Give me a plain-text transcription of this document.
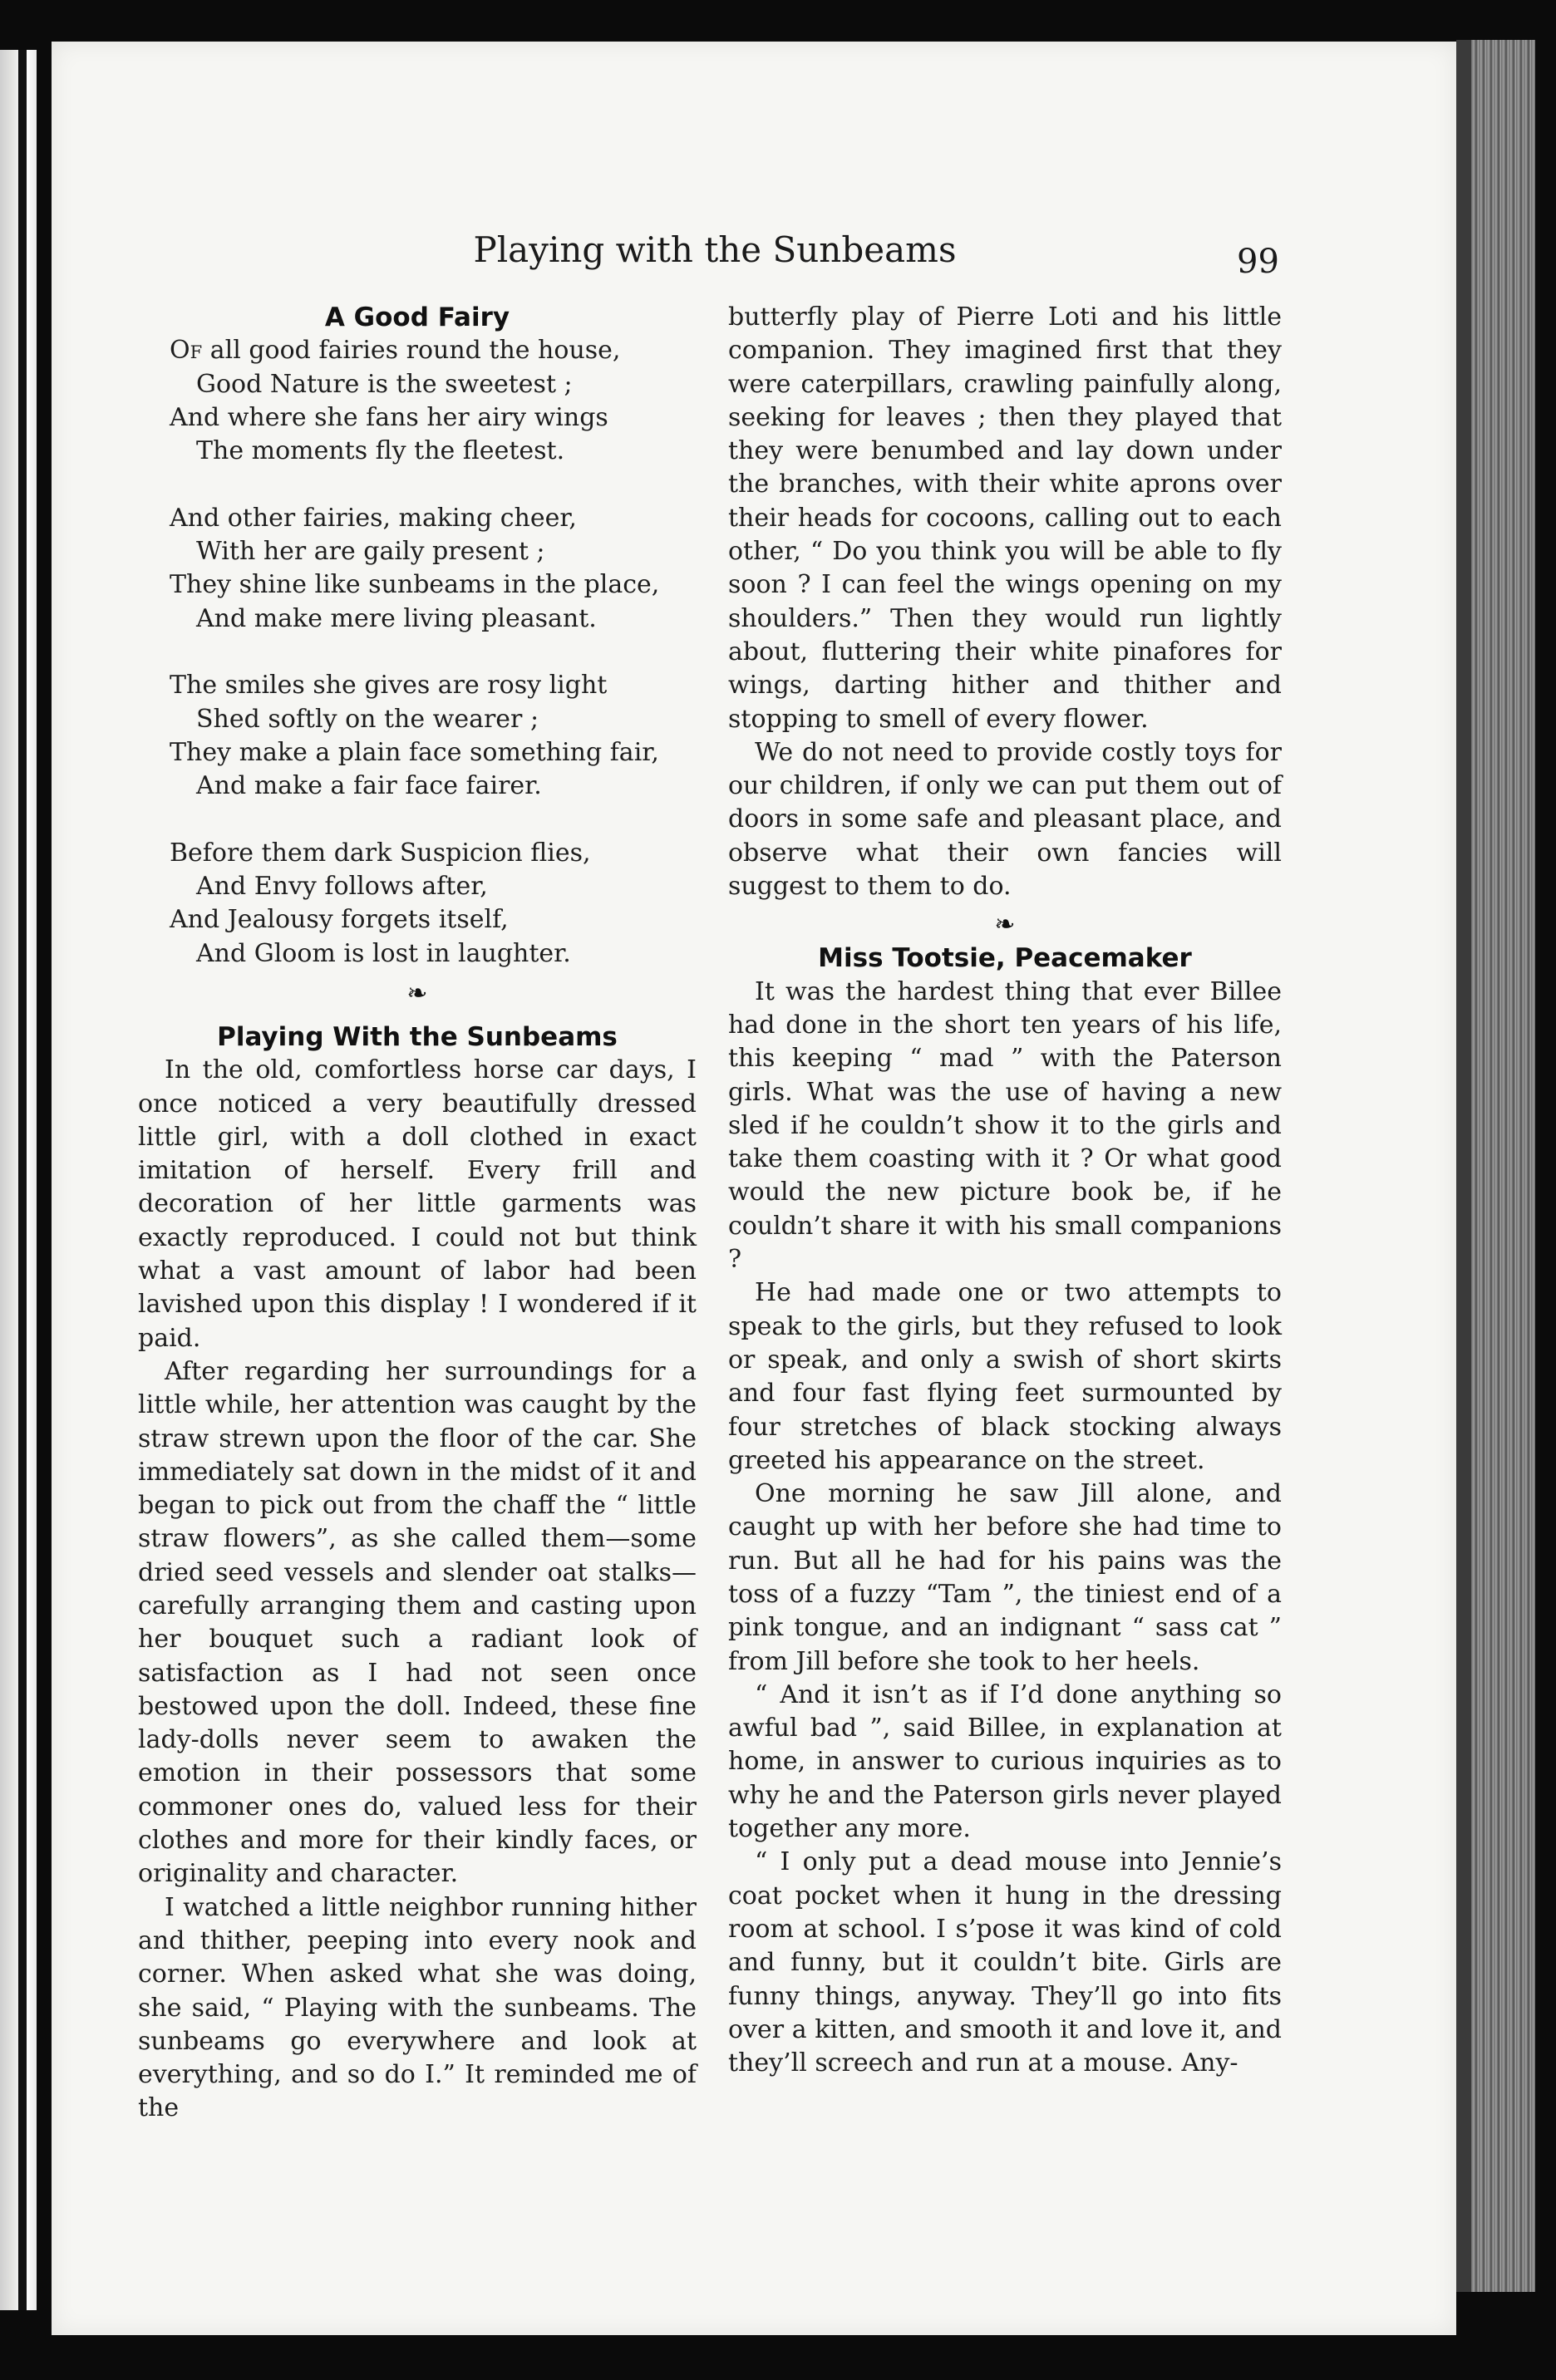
Playing with the Sunbeams	99
A Good Fairy
Of all good fairies round the house,
Good Nature is the sweetest ;
And where she fans her airy wings
The moments fly the fleetest.
And other fairies, making cheer,
With her are gaily present ;
They shine like sunbeams in the place,
And make mere living pleasant.
The smiles she gives are rosy light
Shed softly on the wearer ;
They make a plain face something fair,
And make a fair face fairer.
Before them dark Suspicion flies,
And Envy follows after,
And Jealousy forgets itself,
And Gloom is lost in laughter.
❧
Playing With the Sunbeams

In the old, comfortless horse car days, I once noticed a very beautifully dressed little girl, with a doll clothed in exact imitation of herself. Every frill and decoration of her little garments was exactly reproduced. I could not but think what a vast amount of labor had been lavished upon this display ! I wondered if it paid.

After regarding her surroundings for a little while, her attention was caught by the straw strewn upon the floor of the car. She immediately sat down in the midst of it and began to pick out from the chaff the “ little straw flowers”, as she called them—some dried seed vessels and slender oat stalks—carefully arranging them and casting upon her bouquet such a radiant look of satisfaction as I had not seen once bestowed upon the doll. Indeed, these fine lady-dolls never seem to awaken the emotion in their possessors that some commoner ones do, valued less for their clothes and more for their kindly faces, or originality and character.

I watched a little neighbor running hither and thither, peeping into every nook and corner. When asked what she was doing, she said, “ Playing with the sunbeams. The sunbeams go everywhere and look at everything, and so do I.” It reminded me of the

butterfly play of Pierre Loti and his little companion. They imagined first that they were caterpillars, crawling painfully along, seeking for leaves ; then they played that they were benumbed and lay down under the branches, with their white aprons over their heads for cocoons, calling out to each other, “ Do you think you will be able to fly soon ? I can feel the wings opening on my shoulders.” Then they would run lightly about, fluttering their white pinafores for wings, darting hither and thither and stopping to smell of every flower.

We do not need to provide costly toys for our children, if only we can put them out of doors in some safe and pleasant place, and observe what their own fancies will suggest to them to do.

❧
Miss Tootsie, Peacemaker

It was the hardest thing that ever Billee had done in the short ten years of his life, this keeping “ mad ” with the Paterson girls. What was the use of having a new sled if he couldn’t show it to the girls and take them coasting with it ? Or what good would the new picture book be, if he couldn’t share it with his small companions ?

He had made one or two attempts to speak to the girls, but they refused to look or speak, and only a swish of short skirts and four fast flying feet surmounted by four stretches of black stocking always greeted his appearance on the street.

One morning he saw Jill alone, and caught up with her before she had time to run. But all he had for his pains was the toss of a fuzzy “Tam ”, the tiniest end of a pink tongue, and an indignant “ sass cat ” from Jill before she took to her heels.

“ And it isn’t as if I’d done anything so awful bad ”, said Billee, in explanation at home, in answer to curious inquiries as to why he and the Paterson girls never played together any more.

“ I only put a dead mouse into Jennie’s coat pocket when it hung in the dressing room at school. I s’pose it was kind of cold and funny, but it couldn’t bite. Girls are funny things, anyway. They’ll go into fits over a kitten, and smooth it and love it, and they’ll screech and run at a mouse. Any-
